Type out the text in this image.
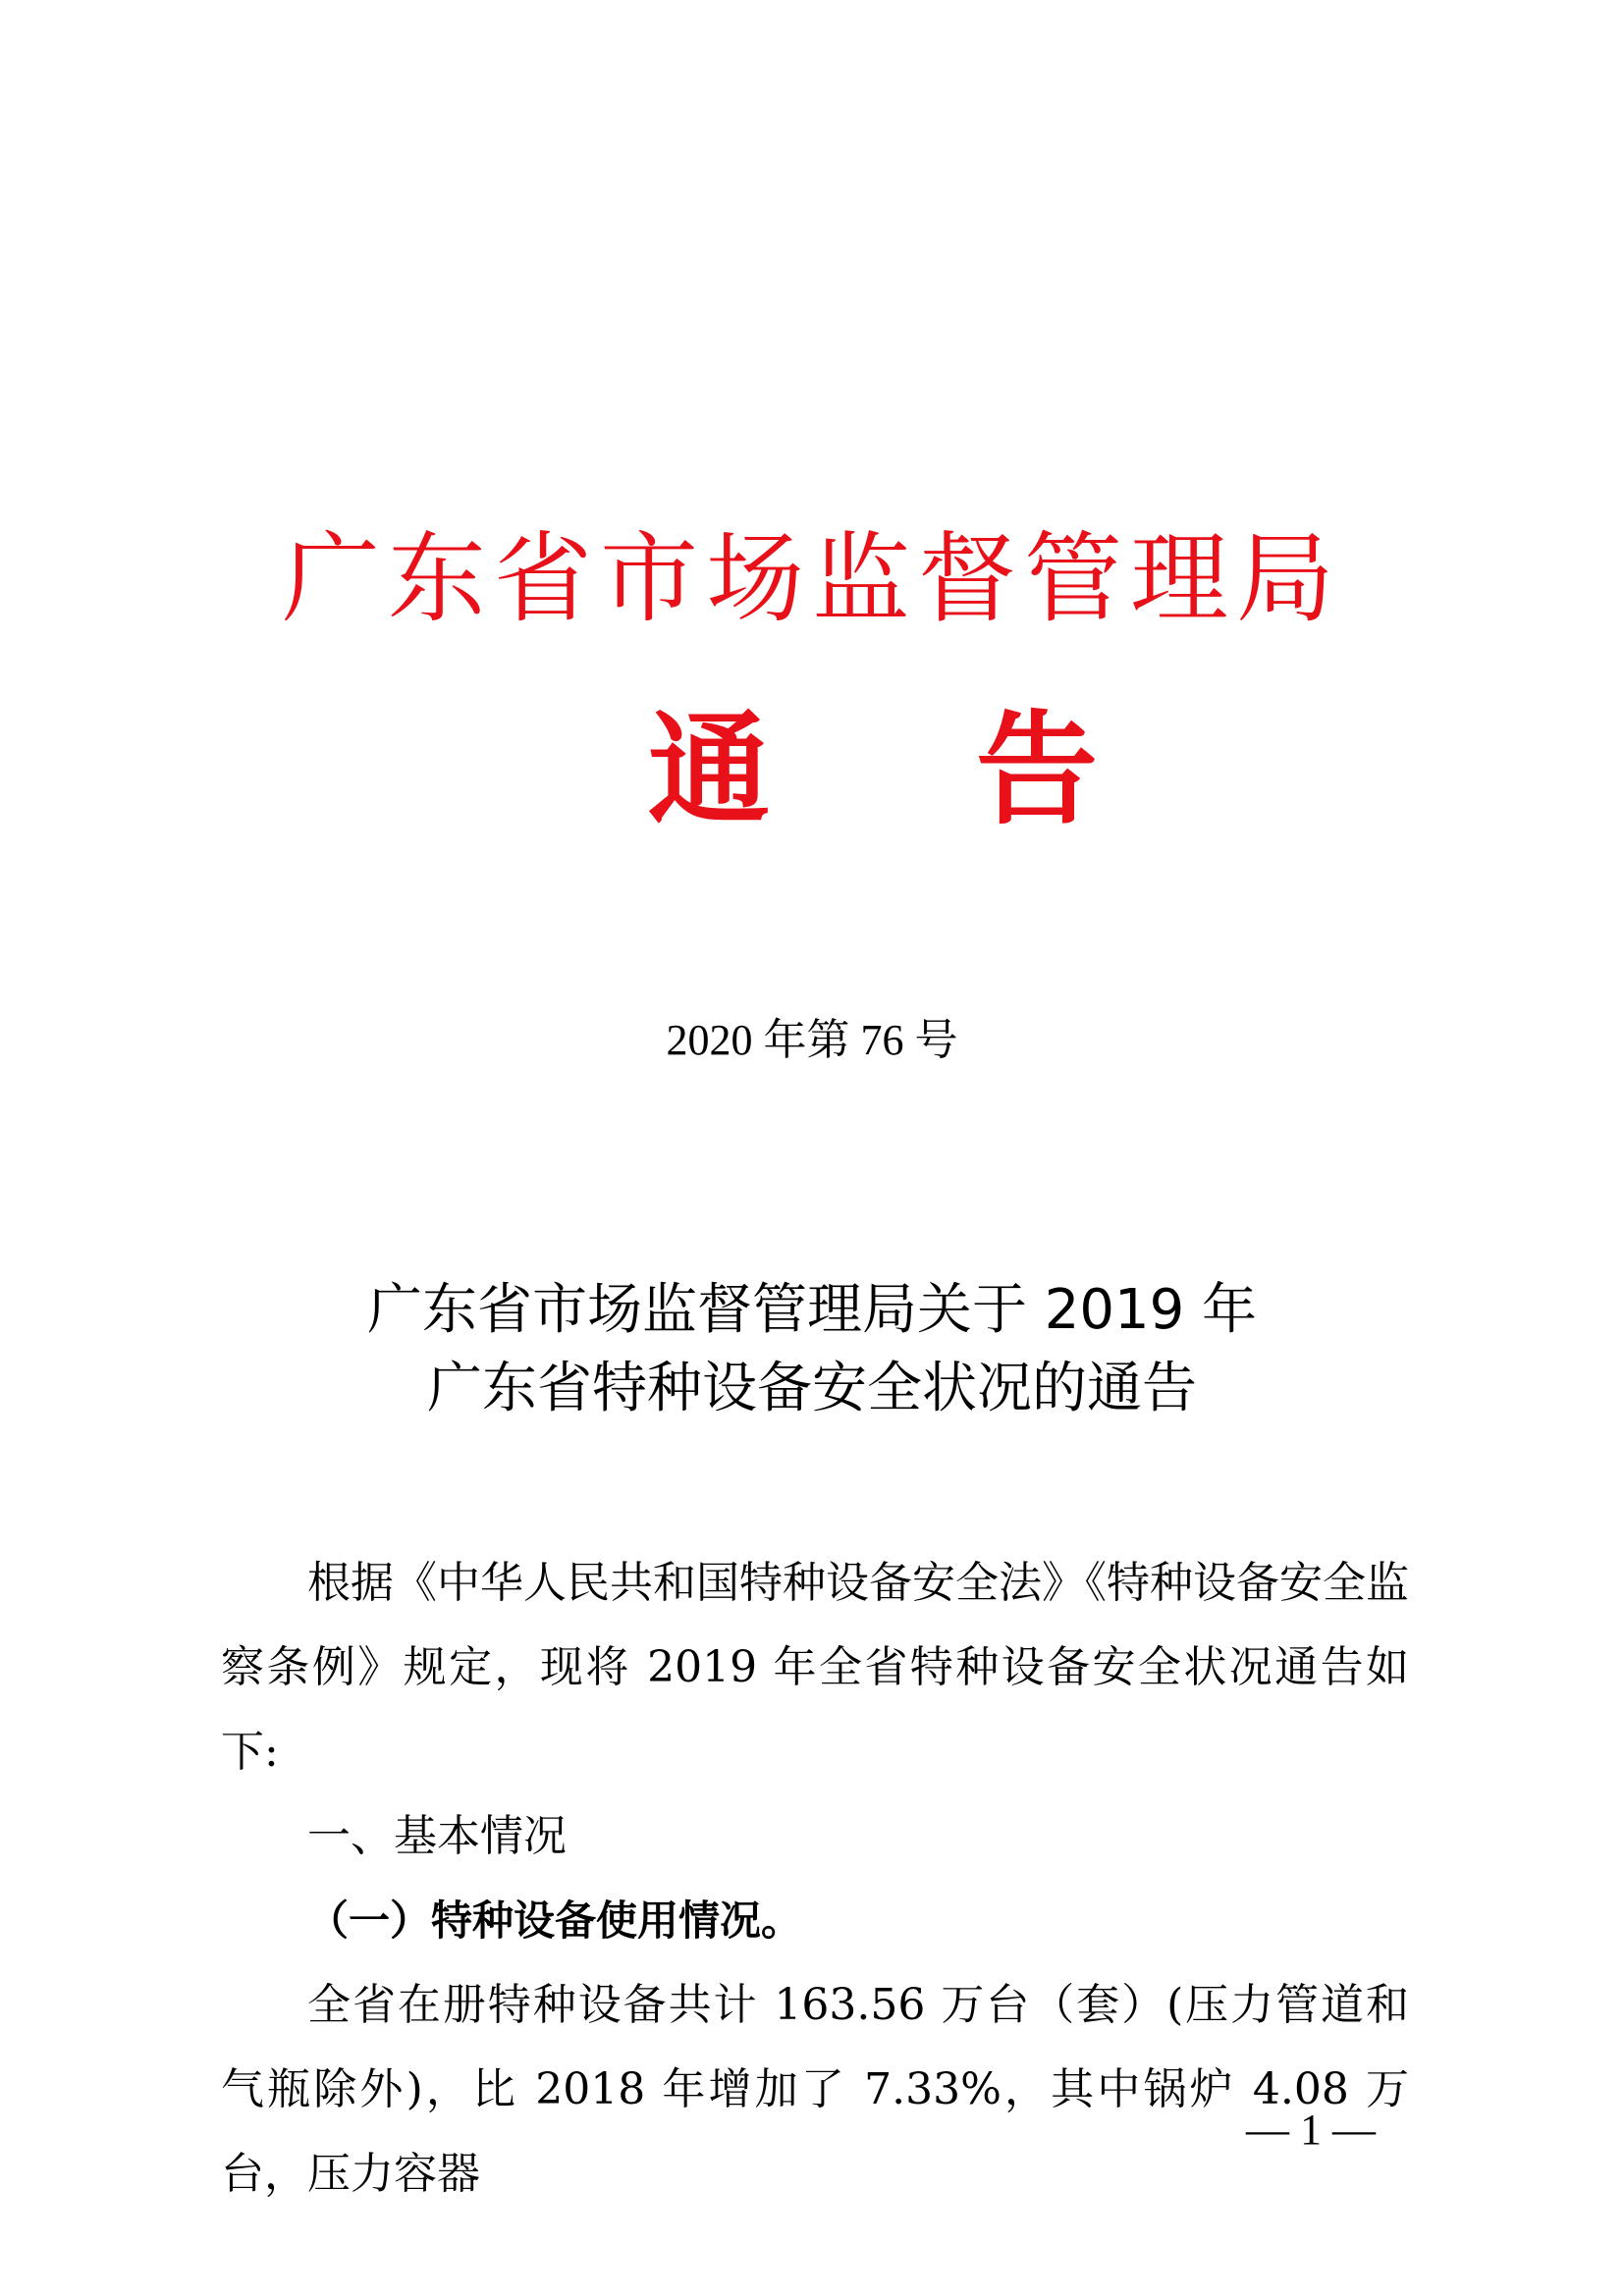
广东省市场监督管理局
通告
2020 年第 76 号
广东省市场监督管理局关于 2019 年
广东省特种设备安全状况的通告

根据《中华人民共和国特种设备安全法》《特种设备安全监察条例》规定，现将 2019 年全省特种设备安全状况通告如下:

一、基本情况

（一）特种设备使用情况。

全省在册特种设备共计 163.56 万台（套）(压力管道和气瓶除外)，比 2018 年增加了 7.33%，其中锅炉 4.08 万台，压力容器

— 1 —
